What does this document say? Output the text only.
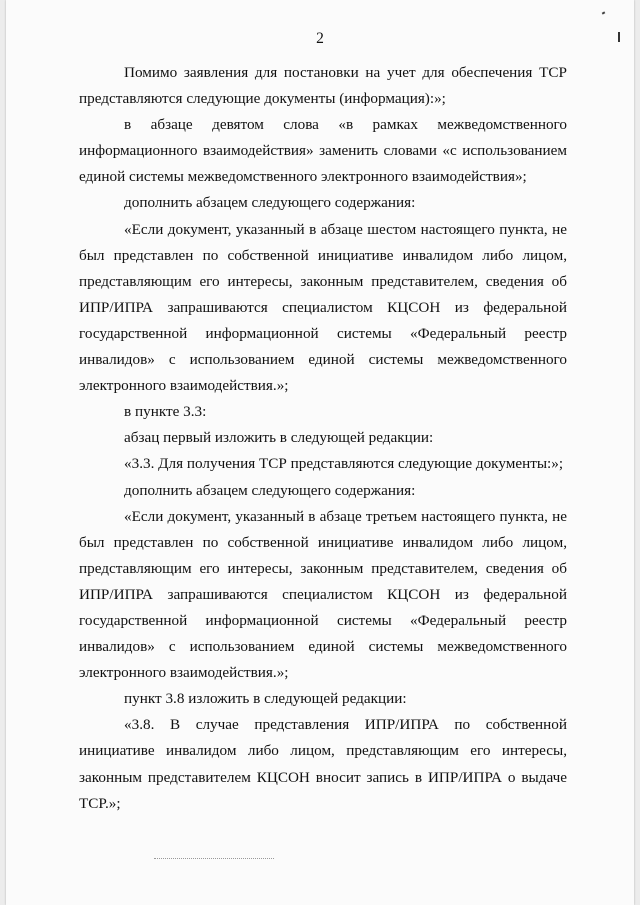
2

Помимо заявления для постановки на учет для обеспечения ТСР представляются следующие документы (информация):»;

в абзаце девятом слова «в рамках межведомственного информационного взаимодействия» заменить словами «с использованием единой системы межведомственного электронного взаимодействия»;

дополнить абзацем следующего содержания:

«Если документ, указанный в абзаце шестом настоящего пункта, не был представлен по собственной инициативе инвалидом либо лицом, представляющим его интересы, законным представителем, сведения об ИПР/ИПРА запрашиваются специалистом КЦСОН из федеральной государственной информационной системы «Федеральный реестр инвалидов» с использованием единой системы межведомственного электронного взаимодействия.»;

в пункте 3.3:

абзац первый изложить в следующей редакции:

«3.3. Для получения ТСР представляются следующие документы:»;

дополнить абзацем следующего содержания:

«Если документ, указанный в абзаце третьем настоящего пункта, не был представлен по собственной инициативе инвалидом либо лицом, представляющим его интересы, законным представителем, сведения об ИПР/ИПРА запрашиваются специалистом КЦСОН из федеральной государственной информационной системы «Федеральный реестр инвалидов» с использованием единой системы межведомственного электронного взаимодействия.»;

пункт 3.8 изложить в следующей редакции:

«3.8. В случае представления ИПР/ИПРА по собственной инициативе инвалидом либо лицом, представляющим его интересы, законным представителем КЦСОН вносит запись в ИПР/ИПРА о выдаче ТСР.»;
